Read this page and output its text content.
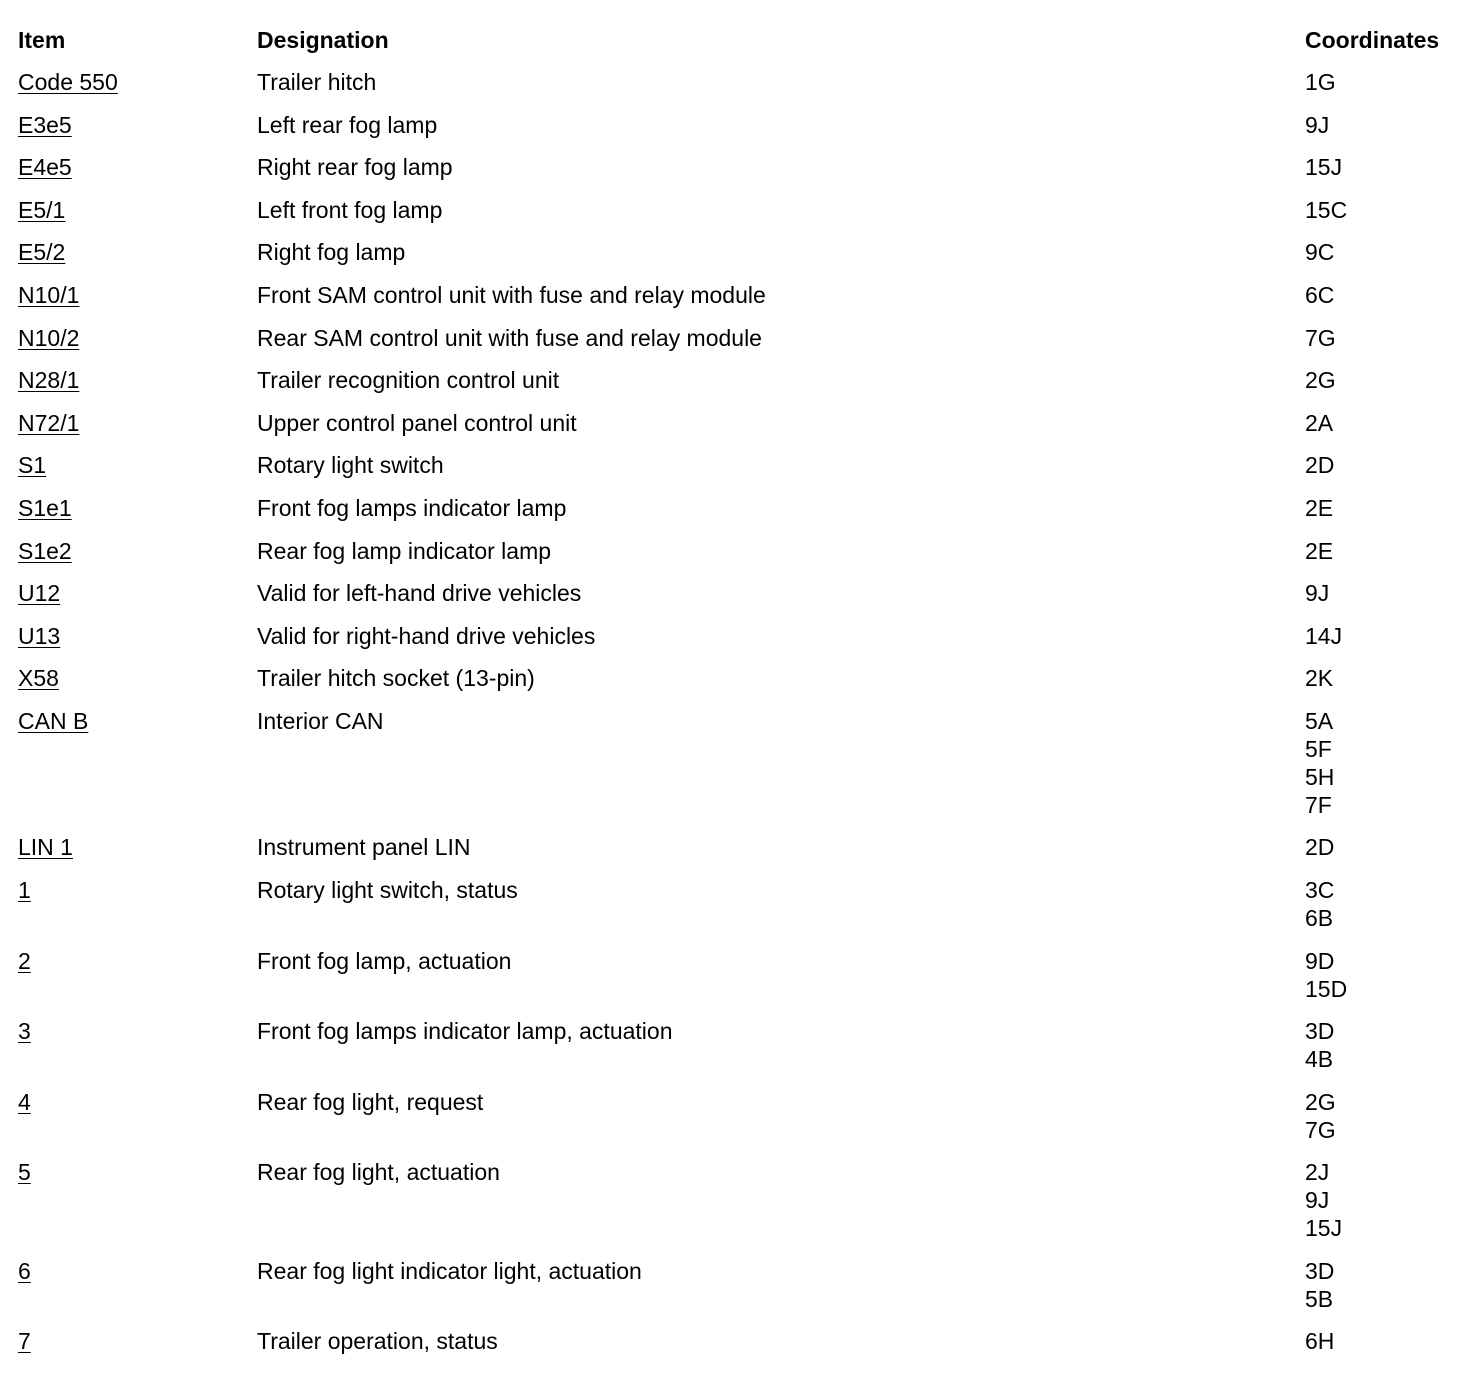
Item	Designation	Coordinates
Code 550	Trailer hitch	1G
E3e5	Left rear fog lamp	9J
E4e5	Right rear fog lamp	15J
E5/1	Left front fog lamp	15C
E5/2	Right fog lamp	9C
N10/1	Front SAM control unit with fuse and relay module	6C
N10/2	Rear SAM control unit with fuse and relay module	7G
N28/1	Trailer recognition control unit	2G
N72/1	Upper control panel control unit	2A
S1	Rotary light switch	2D
S1e1	Front fog lamps indicator lamp	2E
S1e2	Rear fog lamp indicator lamp	2E
U12	Valid for left-hand drive vehicles	9J
U13	Valid for right-hand drive vehicles	14J
X58	Trailer hitch socket (13-pin)	2K
CAN B	Interior CAN	5A
5F
5H
7F
LIN 1	Instrument panel LIN	2D
1	Rotary light switch, status	3C
6B
2	Front fog lamp, actuation	9D
15D
3	Front fog lamps indicator lamp, actuation	3D
4B
4	Rear fog light, request	2G
7G
5	Rear fog light, actuation	2J
9J
15J
6	Rear fog light indicator light, actuation	3D
5B
7	Trailer operation, status	6H
